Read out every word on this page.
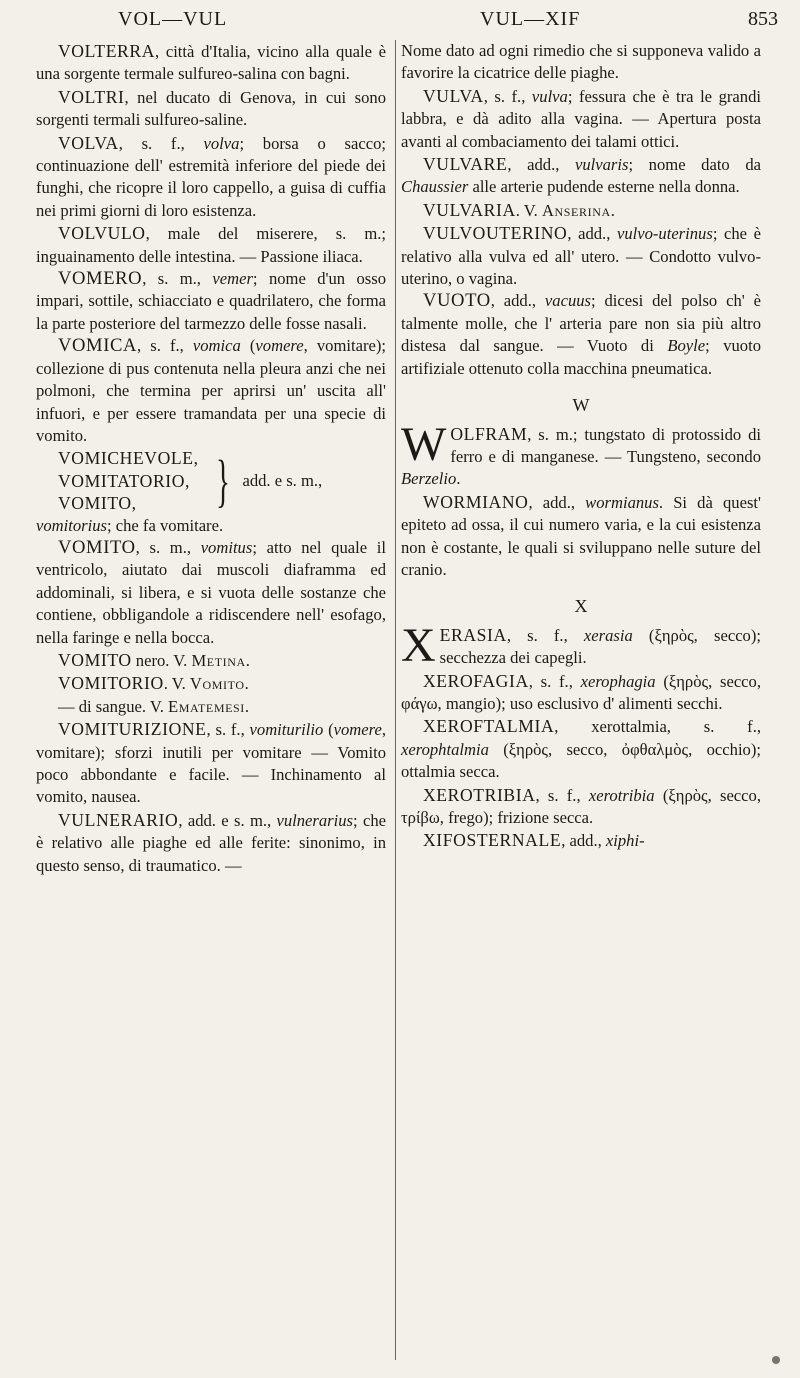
VOL—VUL	VUL—XIF	853

VOLTERRA, città d'Italia, vicino alla quale è una sorgente termale sulfureo-salina con bagni.

VOLTRI, nel ducato di Genova, in cui sono sorgenti termali sulfureo-saline.

VOLVA, s. f., volva; borsa o sacco; continuazione dell' estremità inferiore del piede dei funghi, che ricopre il loro cappello, a guisa di cuffia nei primi giorni di loro esistenza.

VOLVULO, male del miserere, s. m.; inguainamento delle intestina. — Passione iliaca.

VOMERO, s. m., vemer; nome d'un osso impari, sottile, schiacciato e quadrilatero, che forma la parte posteriore del tarmezzo delle fosse nasali.

VOMICA, s. f., vomica (vomere, vomitare); collezione di pus contenuta nella pleura anzi che nei polmoni, che termina per aprirsi un' uscita all' infuori, e per essere tramandata per una specie di vomito.

VOMICHEVOLE,
VOMITATORIO,
VOMITO,	} add. e s. m.,

vomitorius; che fa vomitare.

VOMITO, s. m., vomitus; atto nel quale il ventricolo, aiutato dai muscoli diaframma ed addominali, si libera, e si vuota delle sostanze che contiene, obbligandole a ridiscendere nell' esofago, nella faringe e nella bocca.

VOMITO nero. V. Metina.

VOMITORIO. V. Vomito.

— di sangue. V. Ematemesi.

VOMITURIZIONE, s. f., vomiturilio (vomere, vomitare); sforzi inutili per vomitare — Vomito poco abbondante e facile. — Inchinamento al vomito, nausea.

VULNERARIO, add. e s. m., vulnerarius; che è relativo alle piaghe ed alle ferite: sinonimo, in questo senso, di traumatico. —

Nome dato ad ogni rimedio che si supponeva valido a favorire la cicatrice delle piaghe.

VULVA, s. f., vulva; fessura che è tra le grandi labbra, e dà adito alla vagina. — Apertura posta avanti al combaciamento dei talami ottici.

VULVARE, add., vulvaris; nome dato da Chaussier alle arterie pudende esterne nella donna.

VULVARIA. V. Anserina.

VULVOUTERINO, add., vulvo-uterinus; che è relativo alla vulva ed all' utero. — Condotto vulvo-uterino, o vagina.

VUOTO, add., vacuus; dicesi del polso ch' è talmente molle, che l' arteria pare non sia più altro distesa dal sangue. — Vuoto di Boyle; vuoto artifiziale ottenuto colla macchina pneumatica.

W

WOLFRAM, s. m.; tungstato di protossido di ferro e di manganese. — Tungsteno, secondo Berzelio.

WORMIANO, add., wormianus. Si dà quest' epiteto ad ossa, il cui numero varia, e la cui esistenza non è costante, le quali si sviluppano nelle suture del cranio.

X

XERASIA, s. f., xerasia (ξηρὸς, secco); secchezza dei capegli.

XEROFAGIA, s. f., xerophagia (ξηρὸς, secco, φάγω, mangio); uso esclusivo d' alimenti secchi.

XEROFTALMIA, xerottalmia, s. f., xerophtalmia (ξηρὸς, secco, ὀφθαλμὸς, occhio); ottalmia secca.

XEROTRIBIA, s. f., xerotribia (ξηρὸς, secco, τρίβω, frego); frizione secca.

XIFOSTERNALE, add., xiphi-
